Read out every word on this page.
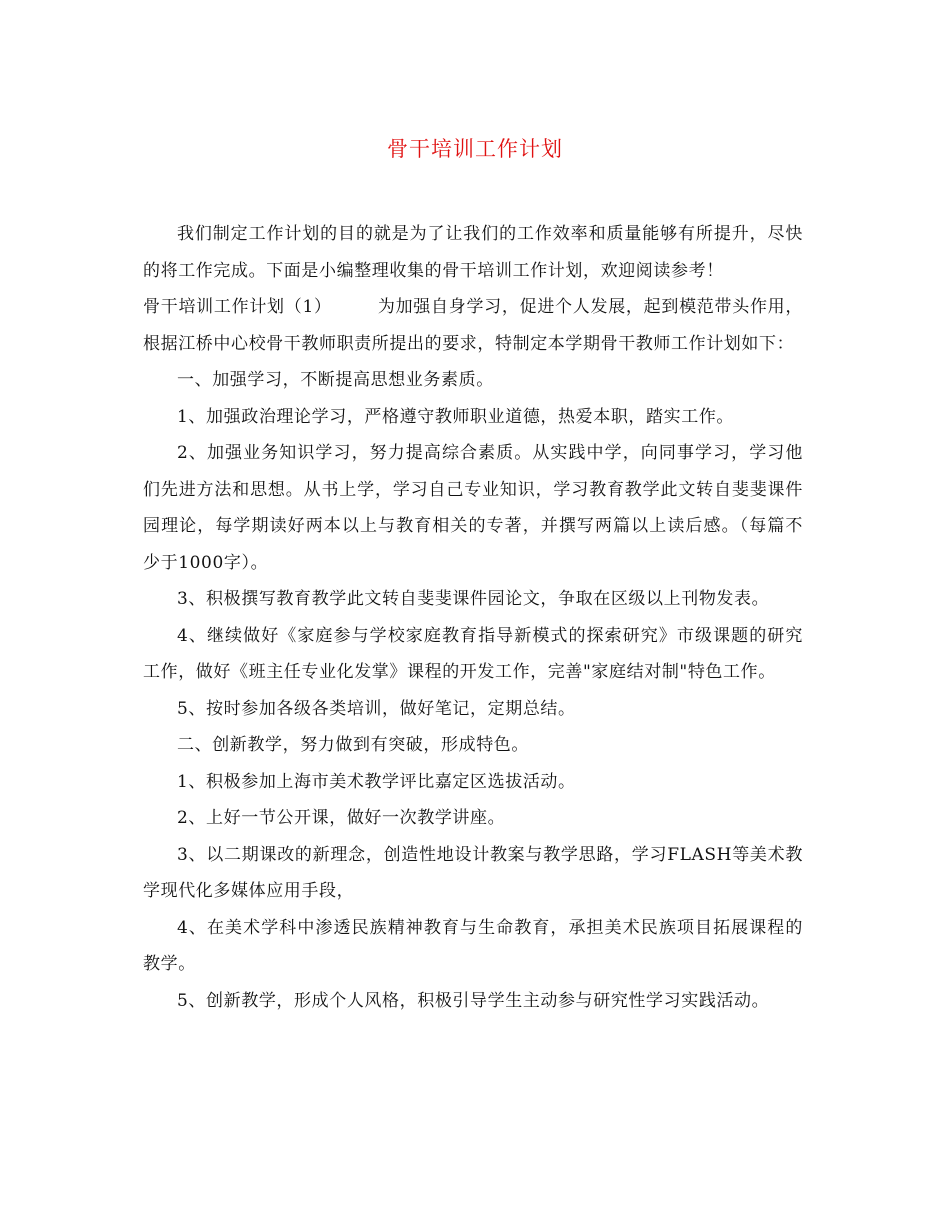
骨干培训工作计划

我们制定工作计划的目的就是为了让我们的工作效率和质量能够有所提升，尽快的将工作完成。下面是小编整理收集的骨干培训工作计划，欢迎阅读参考！

骨干培训工作计划（1）	为加强自身学习，促进个人发展，起到模范带头作用，根据江桥中心校骨干教师职责所提出的要求，特制定本学期骨干教师工作计划如下：

一、加强学习，不断提高思想业务素质。

1、加强政治理论学习，严格遵守教师职业道德，热爱本职，踏实工作。

2、加强业务知识学习，努力提高综合素质。从实践中学，向同事学习，学习他们先进方法和思想。从书上学，学习自己专业知识，学习教育教学此文转自斐斐课件园理论，每学期读好两本以上与教育相关的专著，并撰写两篇以上读后感。（每篇不少于1000字）。

3、积极撰写教育教学此文转自斐斐课件园论文，争取在区级以上刊物发表。

4、继续做好《家庭参与学校家庭教育指导新模式的探索研究》市级课题的研究工作，做好《班主任专业化发掌》课程的开发工作，完善"家庭结对制"特色工作。

5、按时参加各级各类培训，做好笔记，定期总结。

二、创新教学，努力做到有突破，形成特色。

1、积极参加上海市美术教学评比嘉定区选拔活动。

2、上好一节公开课，做好一次教学讲座。

3、以二期课改的新理念，创造性地设计教案与教学思路，学习FLASH等美术教学现代化多媒体应用手段，

4、在美术学科中渗透民族精神教育与生命教育，承担美术民族项目拓展课程的教学。

5、创新教学，形成个人风格，积极引导学生主动参与研究性学习实践活动。
